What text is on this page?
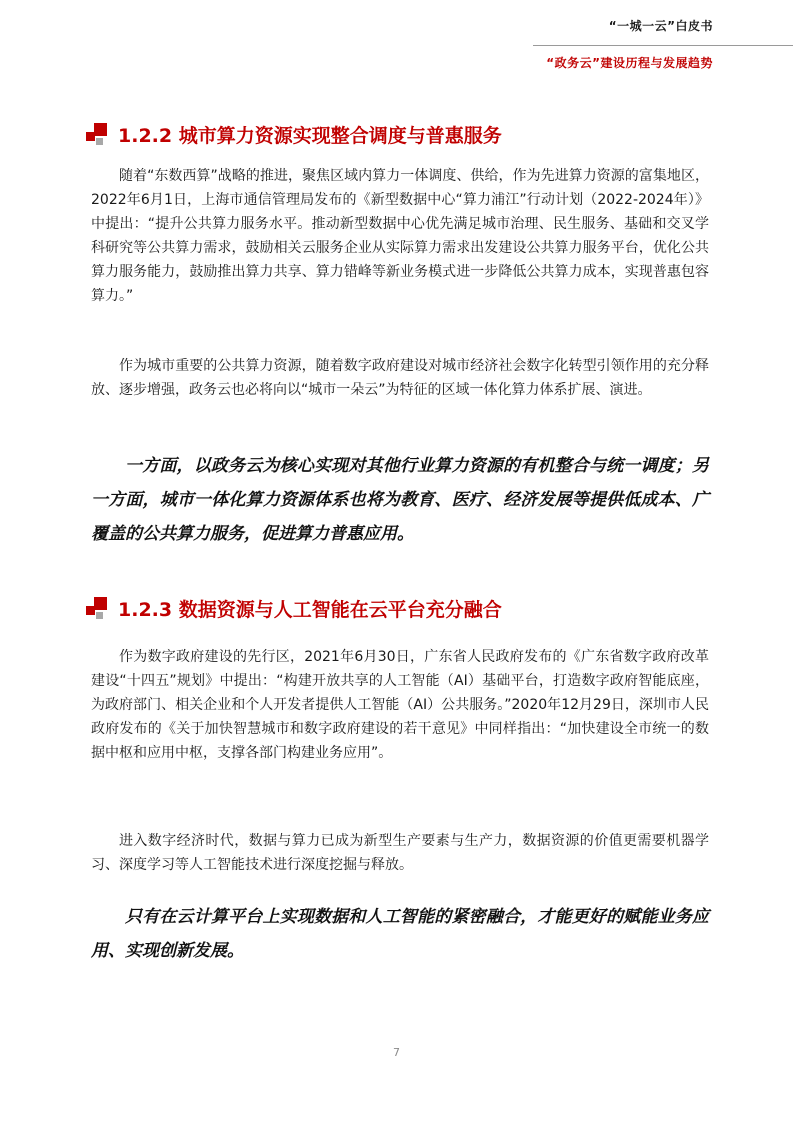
“一城一云”白皮书
“政务云”建设历程与发展趋势
1.2.2 城市算力资源实现整合调度与普惠服务

随着“东数西算”战略的推进，聚焦区域内算力一体调度、供给，作为先进算力资源的富集地区，2022年6月1日，上海市通信管理局发布的《新型数据中心“算力浦江”行动计划（2022-2024年）》中提出：“提升公共算力服务水平。推动新型数据中心优先满足城市治理、民生服务、基础和交叉学科研究等公共算力需求，鼓励相关云服务企业从实际算力需求出发建设公共算力服务平台，优化公共算力服务能力，鼓励推出算力共享、算力错峰等新业务模式进一步降低公共算力成本，实现普惠包容算力。”

作为城市重要的公共算力资源，随着数字政府建设对城市经济社会数字化转型引领作用的充分释放、逐步增强，政务云也必将向以“城市一朵云”为特征的区域一体化算力体系扩展、演进。

一方面，以政务云为核心实现对其他行业算力资源的有机整合与统一调度；另一方面，城市一体化算力资源体系也将为教育、医疗、经济发展等提供低成本、广覆盖的公共算力服务，促进算力普惠应用。

1.2.3 数据资源与人工智能在云平台充分融合

作为数字政府建设的先行区，2021年6月30日，广东省人民政府发布的《广东省数字政府改革建设“十四五”规划》中提出：“构建开放共享的人工智能（AI）基础平台，打造数字政府智能底座，为政府部门、相关企业和个人开发者提供人工智能（AI）公共服务。”2020年12月29日，深圳市人民政府发布的《关于加快智慧城市和数字政府建设的若干意见》中同样指出：“加快建设全市统一的数据中枢和应用中枢，支撑各部门构建业务应用”。

进入数字经济时代，数据与算力已成为新型生产要素与生产力，数据资源的价值更需要机器学习、深度学习等人工智能技术进行深度挖掘与释放。

只有在云计算平台上实现数据和人工智能的紧密融合，才能更好的赋能业务应用、实现创新发展。

7
